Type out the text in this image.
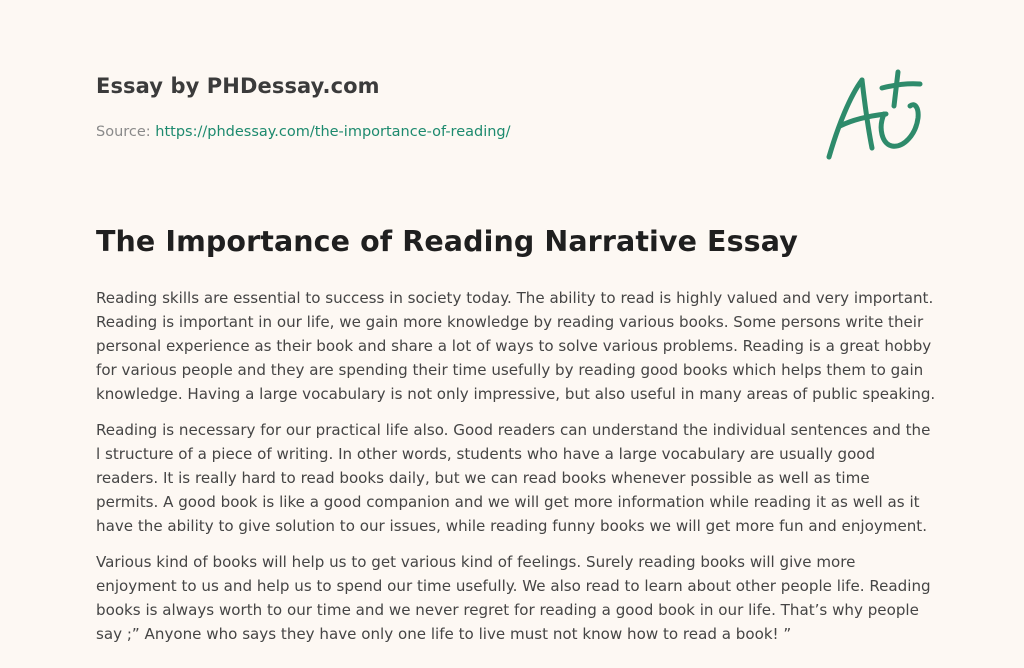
Essay by PHDessay.com
Source: https://phdessay.com/the-importance-of-reading/
The Importance of Reading Narrative Essay

Reading skills are essential to success in society today. The ability to read is highly valued and very important. Reading is important in our life, we gain more knowledge by reading various books. Some persons write their personal experience as their book and share a lot of ways to solve various problems. Reading is a great hobby for various people and they are spending their time usefully by reading good books which helps them to gain knowledge. Having a large vocabulary is not only impressive, but also useful in many areas of public speaking.

Reading is necessary for our practical life also. Good readers can understand the individual sentences and the l structure of a piece of writing. In other words, students who have a large vocabulary are usually good readers. It is really hard to read books daily, but we can read books whenever possible as well as time permits. A good book is like a good companion and we will get more information while reading it as well as it have the ability to give solution to our issues, while reading funny books we will get more fun and enjoyment.

Various kind of books will help us to get various kind of feelings. Surely reading books will give more enjoyment to us and help us to spend our time usefully. We also read to learn about other people life. Reading books is always worth to our time and we never regret for reading a good book in our life. That’s why people say ;” Anyone who says they have only one life to live must not know how to read a book! ”
